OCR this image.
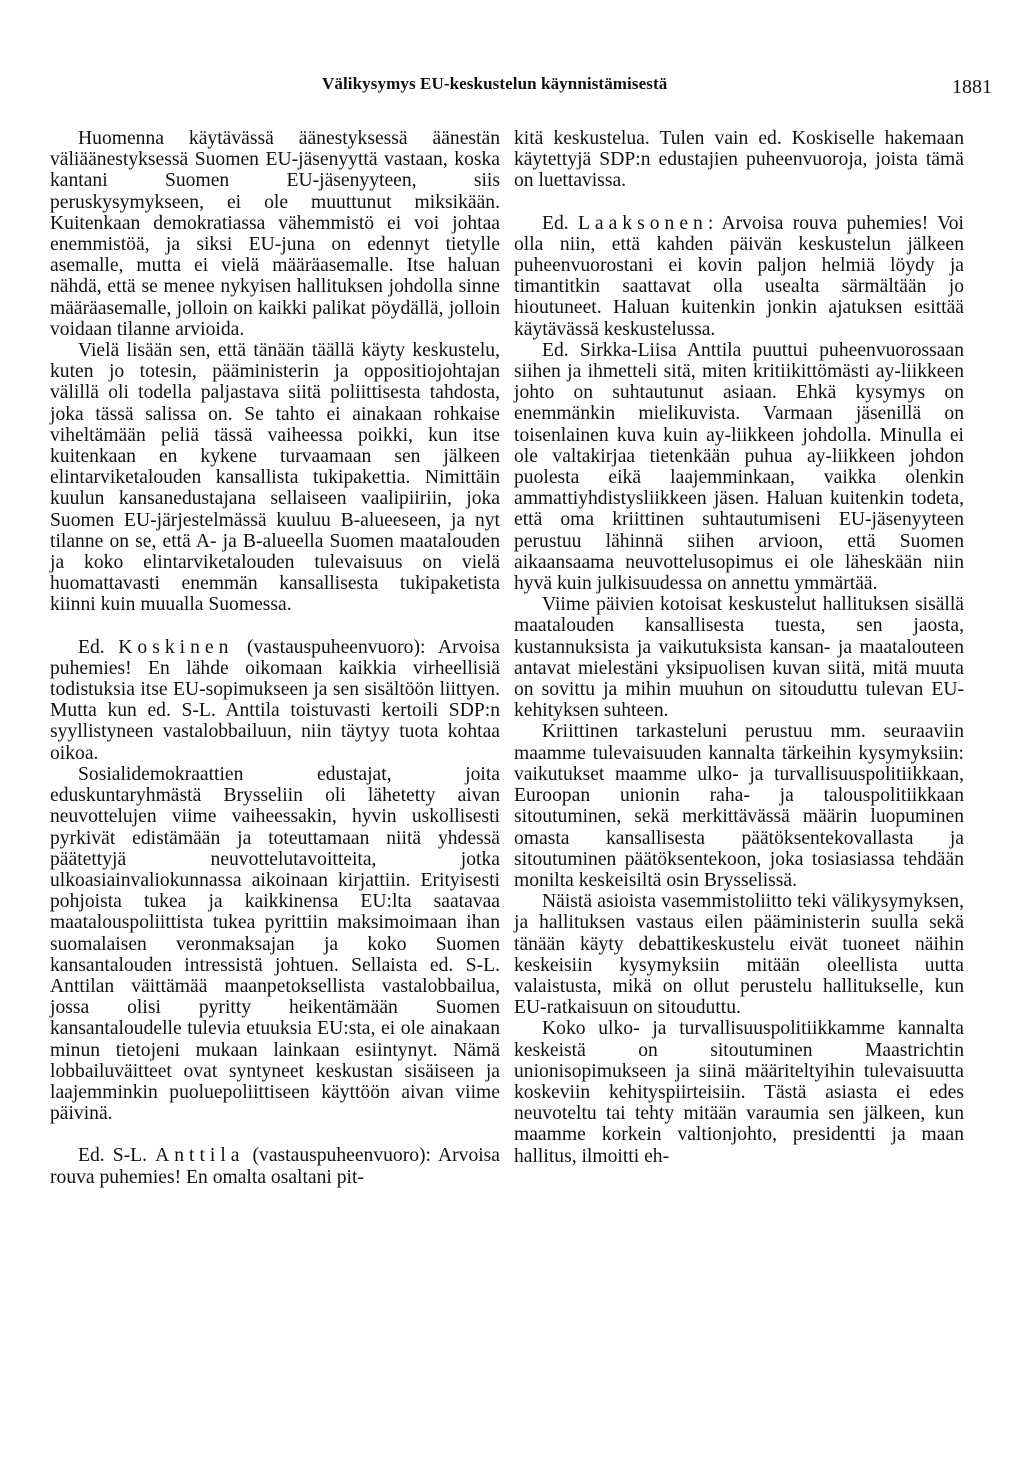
Välikysymys EU-keskustelun käynnistämisestä	1881

Huomenna käytävässä äänestyksessä äänestän väliäänestyksessä Suomen EU-jäsenyyttä vastaan, koska kantani Suomen EU-jäsenyyteen, siis peruskysymykseen, ei ole muuttunut miksikään. Kuitenkaan demokratiassa vähemmistö ei voi johtaa enemmistöä, ja siksi EU-juna on edennyt tietylle asemalle, mutta ei vielä määräasemalle. Itse haluan nähdä, että se menee nykyisen hallituksen johdolla sinne määräasemalle, jolloin on kaikki palikat pöydällä, jolloin voidaan tilanne arvioida.

Vielä lisään sen, että tänään täällä käyty keskustelu, kuten jo totesin, pääministerin ja oppositiojohtajan välillä oli todella paljastava siitä poliittisesta tahdosta, joka tässä salissa on. Se tahto ei ainakaan rohkaise viheltämään peliä tässä vaiheessa poikki, kun itse kuitenkaan en kykene turvaamaan sen jälkeen elintarviketalouden kansallista tukipakettia. Nimittäin kuulun kansanedustajana sellaiseen vaalipiiriin, joka Suomen EU-järjestelmässä kuuluu B-alueeseen, ja nyt tilanne on se, että A- ja B-alueella Suomen maatalouden ja koko elintarviketalouden tulevaisuus on vielä huomattavasti enemmän kansallisesta tukipaketista kiinni kuin muualla Suomessa.

Ed. Koskinen (vastauspuheenvuoro): Arvoisa puhemies! En lähde oikomaan kaikkia virheellisiä todistuksia itse EU-sopimukseen ja sen sisältöön liittyen. Mutta kun ed. S-L. Anttila toistuvasti kertoili SDP:n syyllistyneen vastalobbailuun, niin täytyy tuota kohtaa oikoa.

Sosialidemokraattien edustajat, joita eduskuntaryhmästä Brysseliin oli lähetetty aivan neuvottelujen viime vaiheessakin, hyvin uskollisesti pyrkivät edistämään ja toteuttamaan niitä yhdessä päätettyjä neuvottelutavoitteita, jotka ulkoasiainvaliokunnassa aikoinaan kirjattiin. Erityisesti pohjoista tukea ja kaikkinensa EU:lta saatavaa maatalouspoliittista tukea pyrittiin maksimoimaan ihan suomalaisen veronmaksajan ja koko Suomen kansantalouden intressistä johtuen. Sellaista ed. S-L. Anttilan väittämää maanpetoksellista vastalobbailua, jossa olisi pyritty heikentämään Suomen kansantaloudelle tulevia etuuksia EU:sta, ei ole ainakaan minun tietojeni mukaan lainkaan esiintynyt. Nämä lobbailuväitteet ovat syntyneet keskustan sisäiseen ja laajemminkin puoluepoliittiseen käyttöön aivan viime päivinä.

Ed. S-L. Anttila (vastauspuheenvuoro): Arvoisa rouva puhemies! En omalta osaltani pit-

kitä keskustelua. Tulen vain ed. Koskiselle hakemaan käytettyjä SDP:n edustajien puheenvuoroja, joista tämä on luettavissa.

Ed. Laaksonen: Arvoisa rouva puhemies! Voi olla niin, että kahden päivän keskustelun jälkeen puheenvuorostani ei kovin paljon helmiä löydy ja timantitkin saattavat olla usealta särmältään jo hioutuneet. Haluan kuitenkin jonkin ajatuksen esittää käytävässä keskustelussa.

Ed. Sirkka-Liisa Anttila puuttui puheenvuorossaan siihen ja ihmetteli sitä, miten kritiikittömästi ay-liikkeen johto on suhtautunut asiaan. Ehkä kysymys on enemmänkin mielikuvista. Varmaan jäsenillä on toisenlainen kuva kuin ay-liikkeen johdolla. Minulla ei ole valtakirjaa tietenkään puhua ay-liikkeen johdon puolesta eikä laajemminkaan, vaikka olenkin ammattiyhdistysliikkeen jäsen. Haluan kuitenkin todeta, että oma kriittinen suhtautumiseni EU-jäsenyyteen perustuu lähinnä siihen arvioon, että Suomen aikaansaama neuvottelusopimus ei ole läheskään niin hyvä kuin julkisuudessa on annettu ymmärtää.

Viime päivien kotoisat keskustelut hallituksen sisällä maatalouden kansallisesta tuesta, sen jaosta, kustannuksista ja vaikutuksista kansan- ja maatalouteen antavat mielestäni yksipuolisen kuvan siitä, mitä muuta on sovittu ja mihin muuhun on sitouduttu tulevan EU-kehityksen suhteen.

Kriittinen tarkasteluni perustuu mm. seuraaviin maamme tulevaisuuden kannalta tärkeihin kysymyksiin: vaikutukset maamme ulko- ja turvallisuuspolitiikkaan, Euroopan unionin raha- ja talouspolitiikkaan sitoutuminen, sekä merkittävässä määrin luopuminen omasta kansallisesta päätöksentekovallasta ja sitoutuminen päätöksentekoon, joka tosiasiassa tehdään monilta keskeisiltä osin Brysselissä.

Näistä asioista vasemmistoliitto teki välikysymyksen, ja hallituksen vastaus eilen pääministerin suulla sekä tänään käyty debattikeskustelu eivät tuoneet näihin keskeisiin kysymyksiin mitään oleellista uutta valaistusta, mikä on ollut perustelu hallitukselle, kun EU-ratkaisuun on sitouduttu.

Koko ulko- ja turvallisuuspolitiikkamme kannalta keskeistä on sitoutuminen Maastrichtin unionisopimukseen ja siinä määriteltyihin tulevaisuutta koskeviin kehityspiirteisiin. Tästä asiasta ei edes neuvoteltu tai tehty mitään varaumia sen jälkeen, kun maamme korkein valtionjohto, presidentti ja maan hallitus, ilmoitti eh-
